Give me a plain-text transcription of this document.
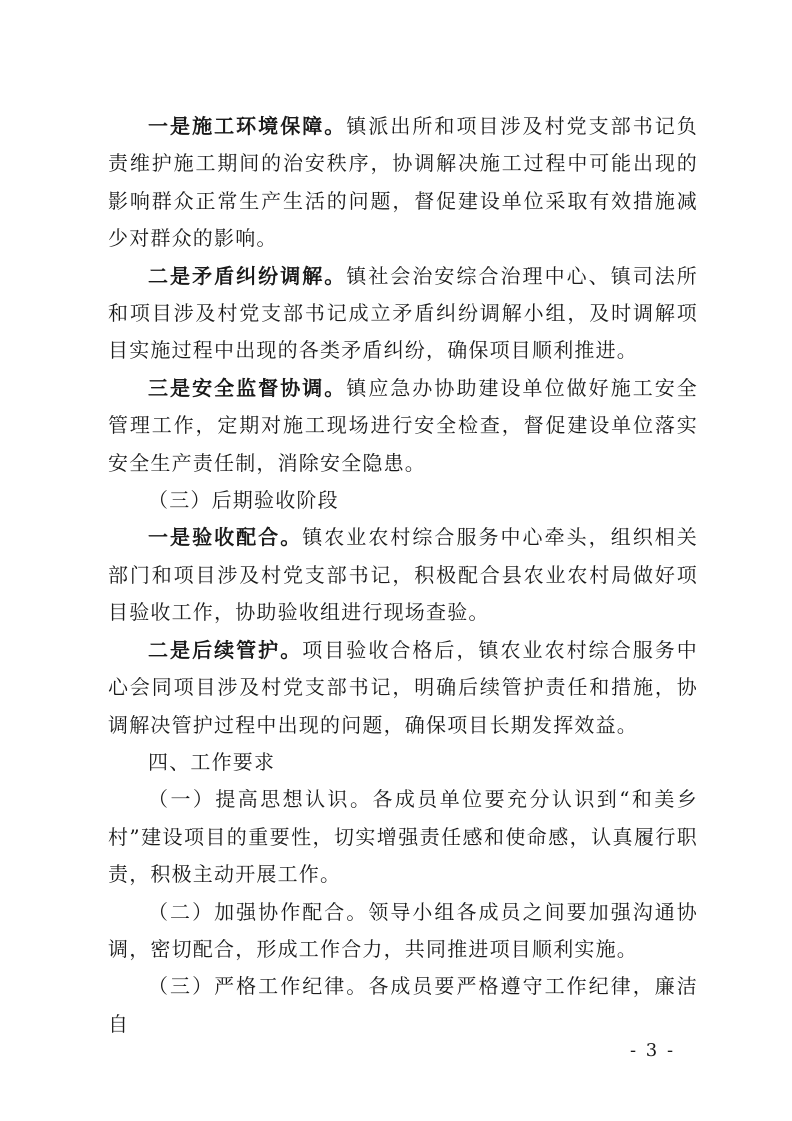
一是施工环境保障。镇派出所和项目涉及村党支部书记负责维护施工期间的治安秩序，协调解决施工过程中可能出现的影响群众正常生产生活的问题，督促建设单位采取有效措施减少对群众的影响。

二是矛盾纠纷调解。镇社会治安综合治理中心、镇司法所和项目涉及村党支部书记成立矛盾纠纷调解小组，及时调解项目实施过程中出现的各类矛盾纠纷，确保项目顺利推进。

三是安全监督协调。镇应急办协助建设单位做好施工安全管理工作，定期对施工现场进行安全检查，督促建设单位落实安全生产责任制，消除安全隐患。

（三）后期验收阶段

一是验收配合。镇农业农村综合服务中心牵头，组织相关部门和项目涉及村党支部书记，积极配合县农业农村局做好项目验收工作，协助验收组进行现场查验。

二是后续管护。项目验收合格后，镇农业农村综合服务中心会同项目涉及村党支部书记，明确后续管护责任和措施，协调解决管护过程中出现的问题，确保项目长期发挥效益。

四、工作要求

（一）提高思想认识。各成员单位要充分认识到“和美乡村”建设项目的重要性，切实增强责任感和使命感，认真履行职责，积极主动开展工作。

（二）加强协作配合。领导小组各成员之间要加强沟通协调，密切配合，形成工作合力，共同推进项目顺利实施。

（三）严格工作纪律。各成员要严格遵守工作纪律，廉洁自

- 3 -
